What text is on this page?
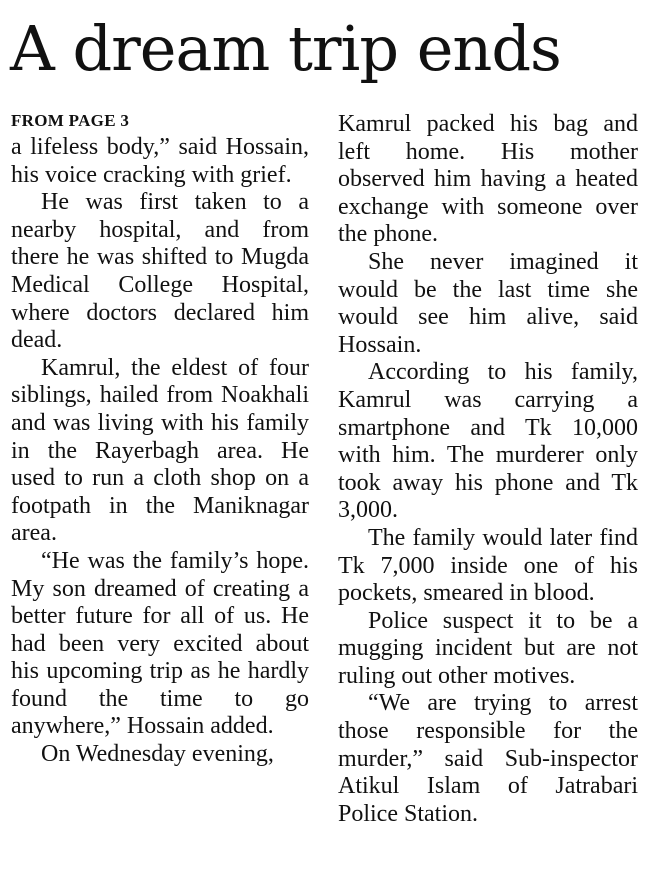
A dream trip ends
FROM PAGE 3

a lifeless body,” said Hossain, his voice cracking with grief.

He was first taken to a nearby hospital, and from there he was shifted to Mugda Medical College Hospital, where doctors declared him dead.

Kamrul, the eldest of four siblings, hailed from Noakhali and was living with his family in the Rayerbagh area. He used to run a cloth shop on a footpath in the Maniknagar area.

“He was the family’s hope. My son dreamed of creating a better future for all of us. He had been very excited about his upcoming trip as he hardly found the time to go anywhere,” Hossain added.

On Wednesday evening,

Kamrul packed his bag and left home. His mother observed him having a heated exchange with someone over the phone.

She never imagined it would be the last time she would see him alive, said Hossain.

According to his family, Kamrul was carrying a smartphone and Tk 10,000 with him. The murderer only took away his phone and Tk 3,000.

The family would later find Tk 7,000 inside one of his pockets, smeared in blood.

Police suspect it to be a mugging incident but are not ruling out other motives.

“We are trying to arrest those responsible for the murder,” said Sub-inspector Atikul Islam of Jatrabari Police Station.
